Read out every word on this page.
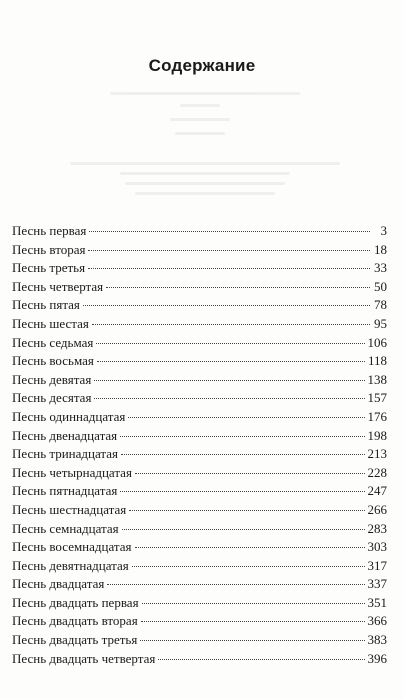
Содержание
Песнь первая	3
Песнь вторая	18
Песнь третья	33
Песнь четвертая	50
Песнь пятая	78
Песнь шестая	95
Песнь седьмая	106
Песнь восьмая	118
Песнь девятая	138
Песнь десятая	157
Песнь одиннадцатая	176
Песнь двенадцатая	198
Песнь тринадцатая	213
Песнь четырнадцатая	228
Песнь пятнадцатая	247
Песнь шестнадцатая	266
Песнь семнадцатая	283
Песнь восемнадцатая	303
Песнь девятнадцатая	317
Песнь двадцатая	337
Песнь двадцать первая	351
Песнь двадцать вторая	366
Песнь двадцать третья	383
Песнь двадцать четвертая	396
